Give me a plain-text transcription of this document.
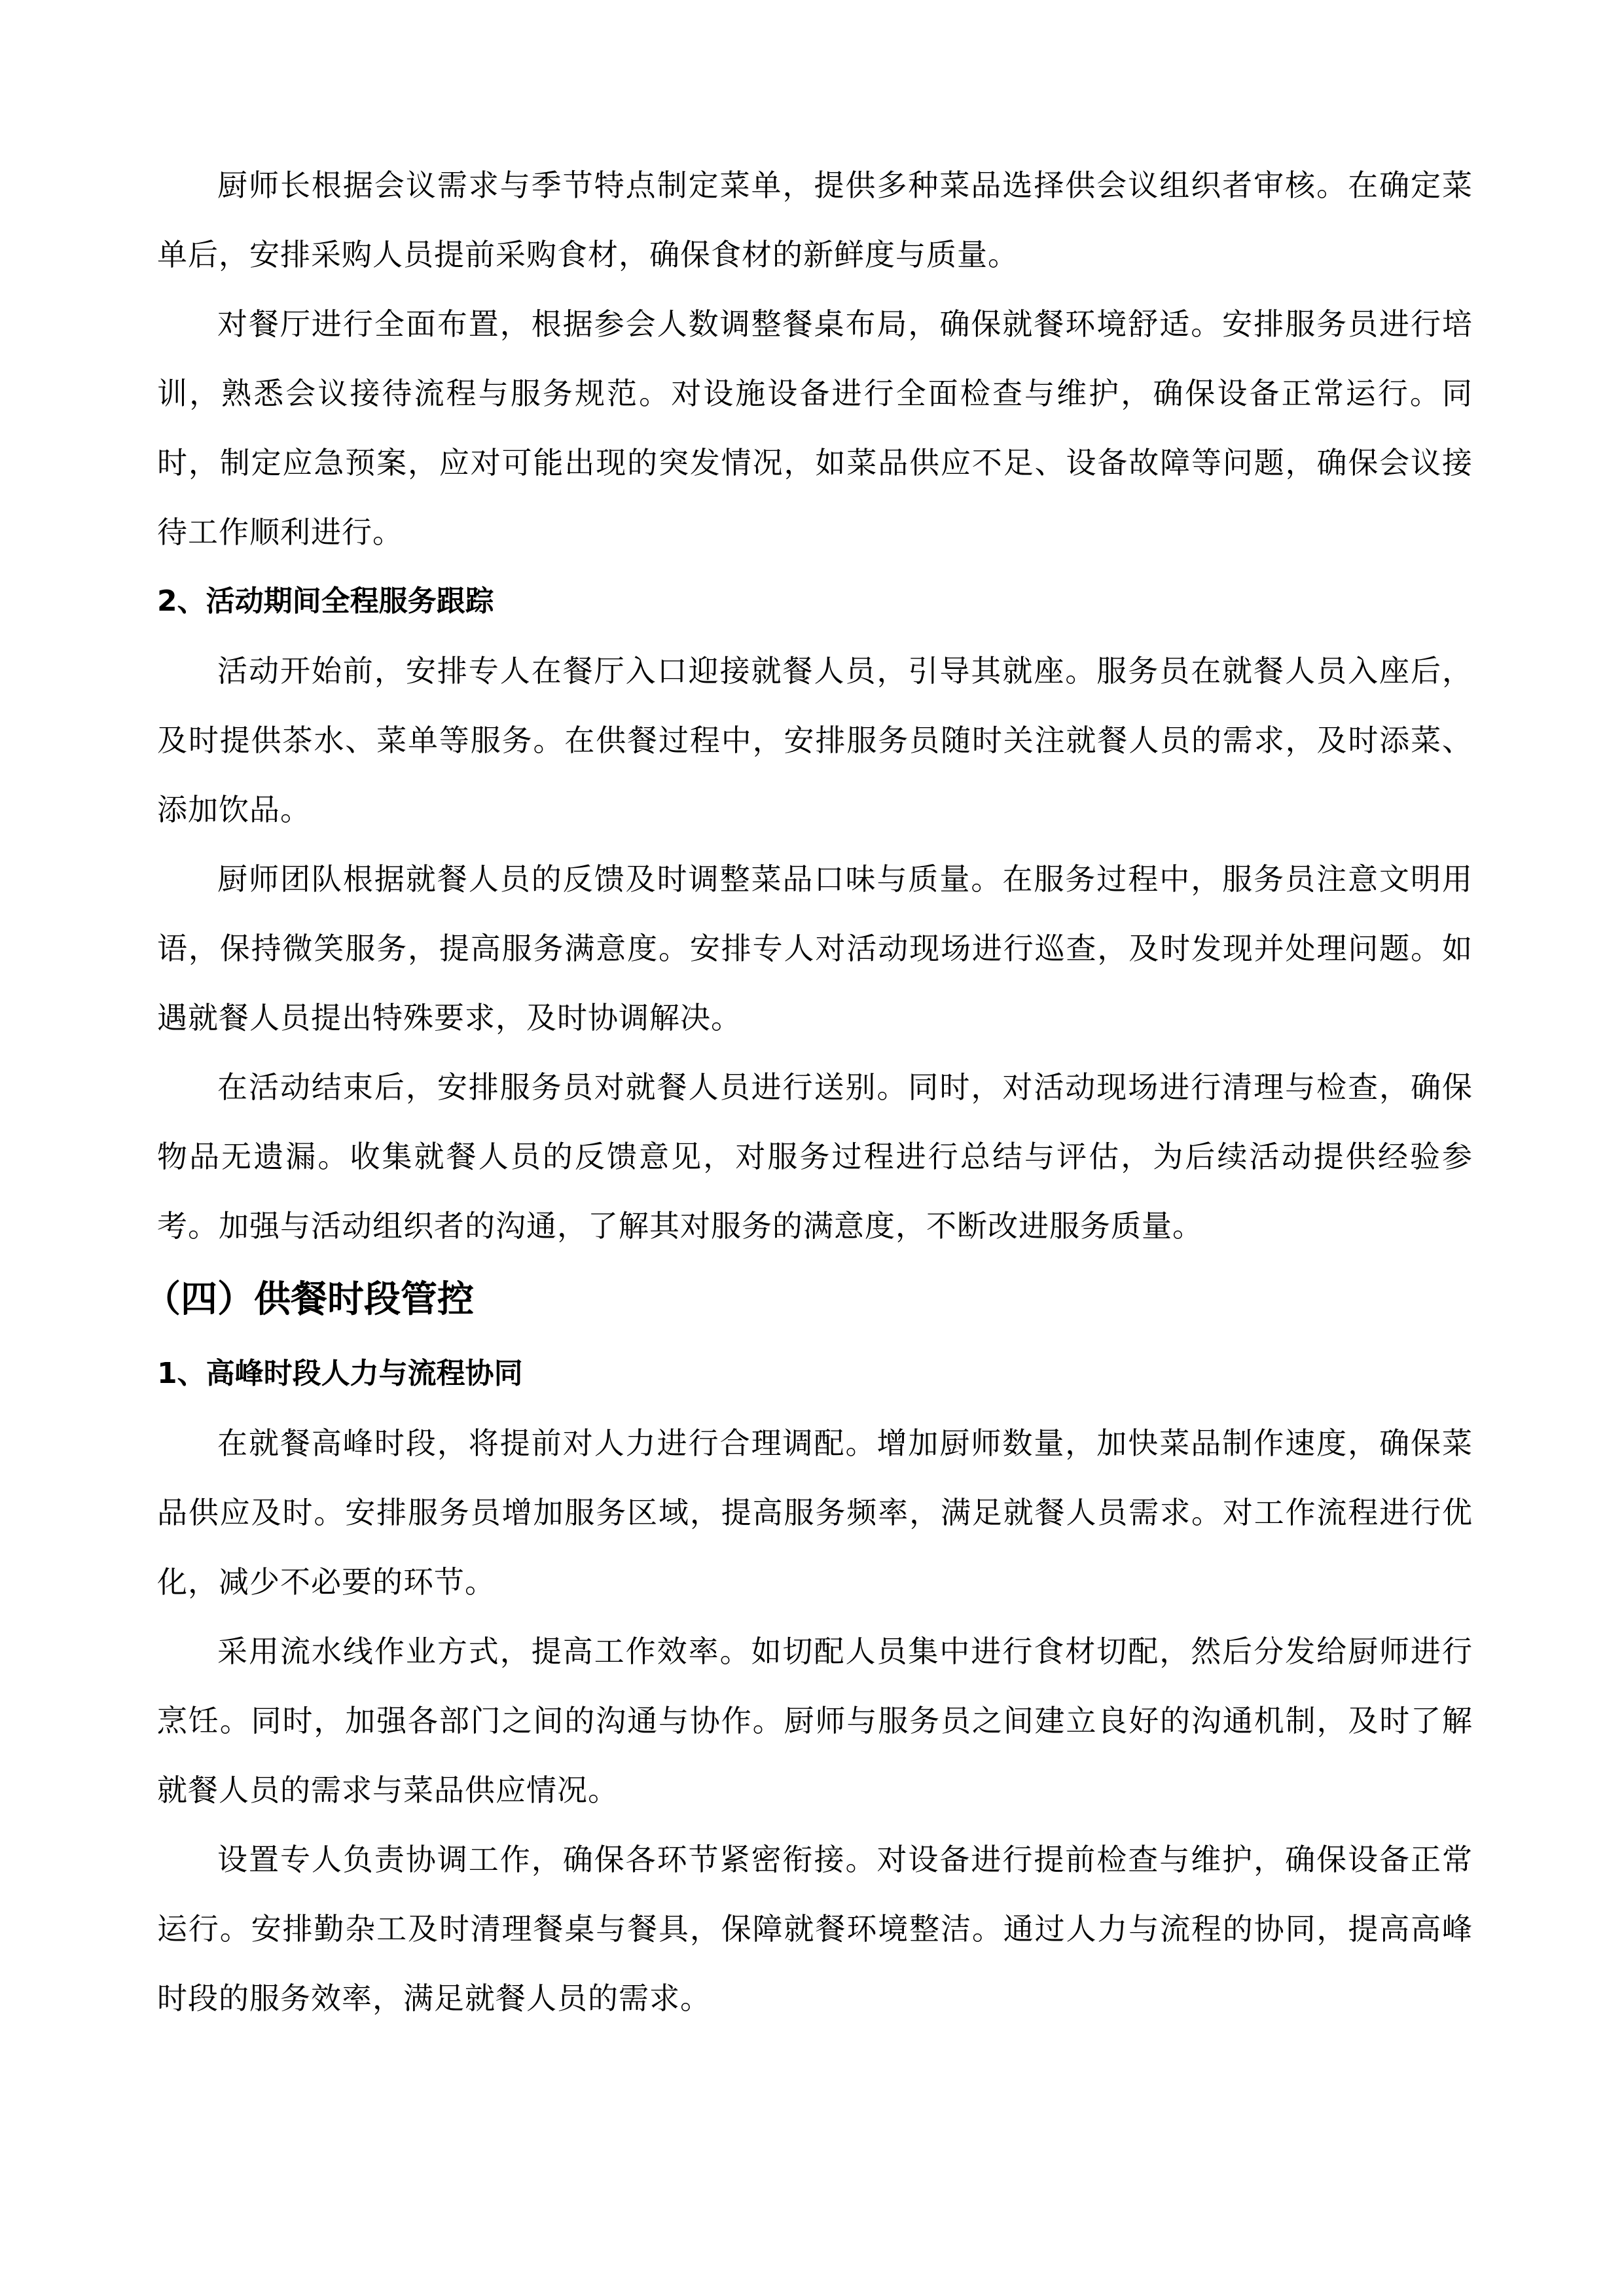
厨师长根据会议需求与季节特点制定菜单，提供多种菜品选择供会议组织者审核。在确定菜单后，安排采购人员提前采购食材，确保食材的新鲜度与质量。

对餐厅进行全面布置，根据参会人数调整餐桌布局，确保就餐环境舒适。安排服务员进行培训，熟悉会议接待流程与服务规范。对设施设备进行全面检查与维护，确保设备正常运行。同时，制定应急预案，应对可能出现的突发情况，如菜品供应不足、设备故障等问题，确保会议接待工作顺利进行。

2、活动期间全程服务跟踪

活动开始前，安排专人在餐厅入口迎接就餐人员，引导其就座。服务员在就餐人员入座后，及时提供茶水、菜单等服务。在供餐过程中，安排服务员随时关注就餐人员的需求，及时添菜、添加饮品。

厨师团队根据就餐人员的反馈及时调整菜品口味与质量。在服务过程中，服务员注意文明用语，保持微笑服务，提高服务满意度。安排专人对活动现场进行巡查，及时发现并处理问题。如遇就餐人员提出特殊要求，及时协调解决。

在活动结束后，安排服务员对就餐人员进行送别。同时，对活动现场进行清理与检查，确保物品无遗漏。收集就餐人员的反馈意见，对服务过程进行总结与评估，为后续活动提供经验参考。加强与活动组织者的沟通，了解其对服务的满意度，不断改进服务质量。

（四）供餐时段管控
1、高峰时段人力与流程协同

在就餐高峰时段，将提前对人力进行合理调配。增加厨师数量，加快菜品制作速度，确保菜品供应及时。安排服务员增加服务区域，提高服务频率，满足就餐人员需求。对工作流程进行优化，减少不必要的环节。

采用流水线作业方式，提高工作效率。如切配人员集中进行食材切配，然后分发给厨师进行烹饪。同时，加强各部门之间的沟通与协作。厨师与服务员之间建立良好的沟通机制，及时了解就餐人员的需求与菜品供应情况。

设置专人负责协调工作，确保各环节紧密衔接。对设备进行提前检查与维护，确保设备正常运行。安排勤杂工及时清理餐桌与餐具，保障就餐环境整洁。通过人力与流程的协同，提高高峰时段的服务效率，满足就餐人员的需求。
